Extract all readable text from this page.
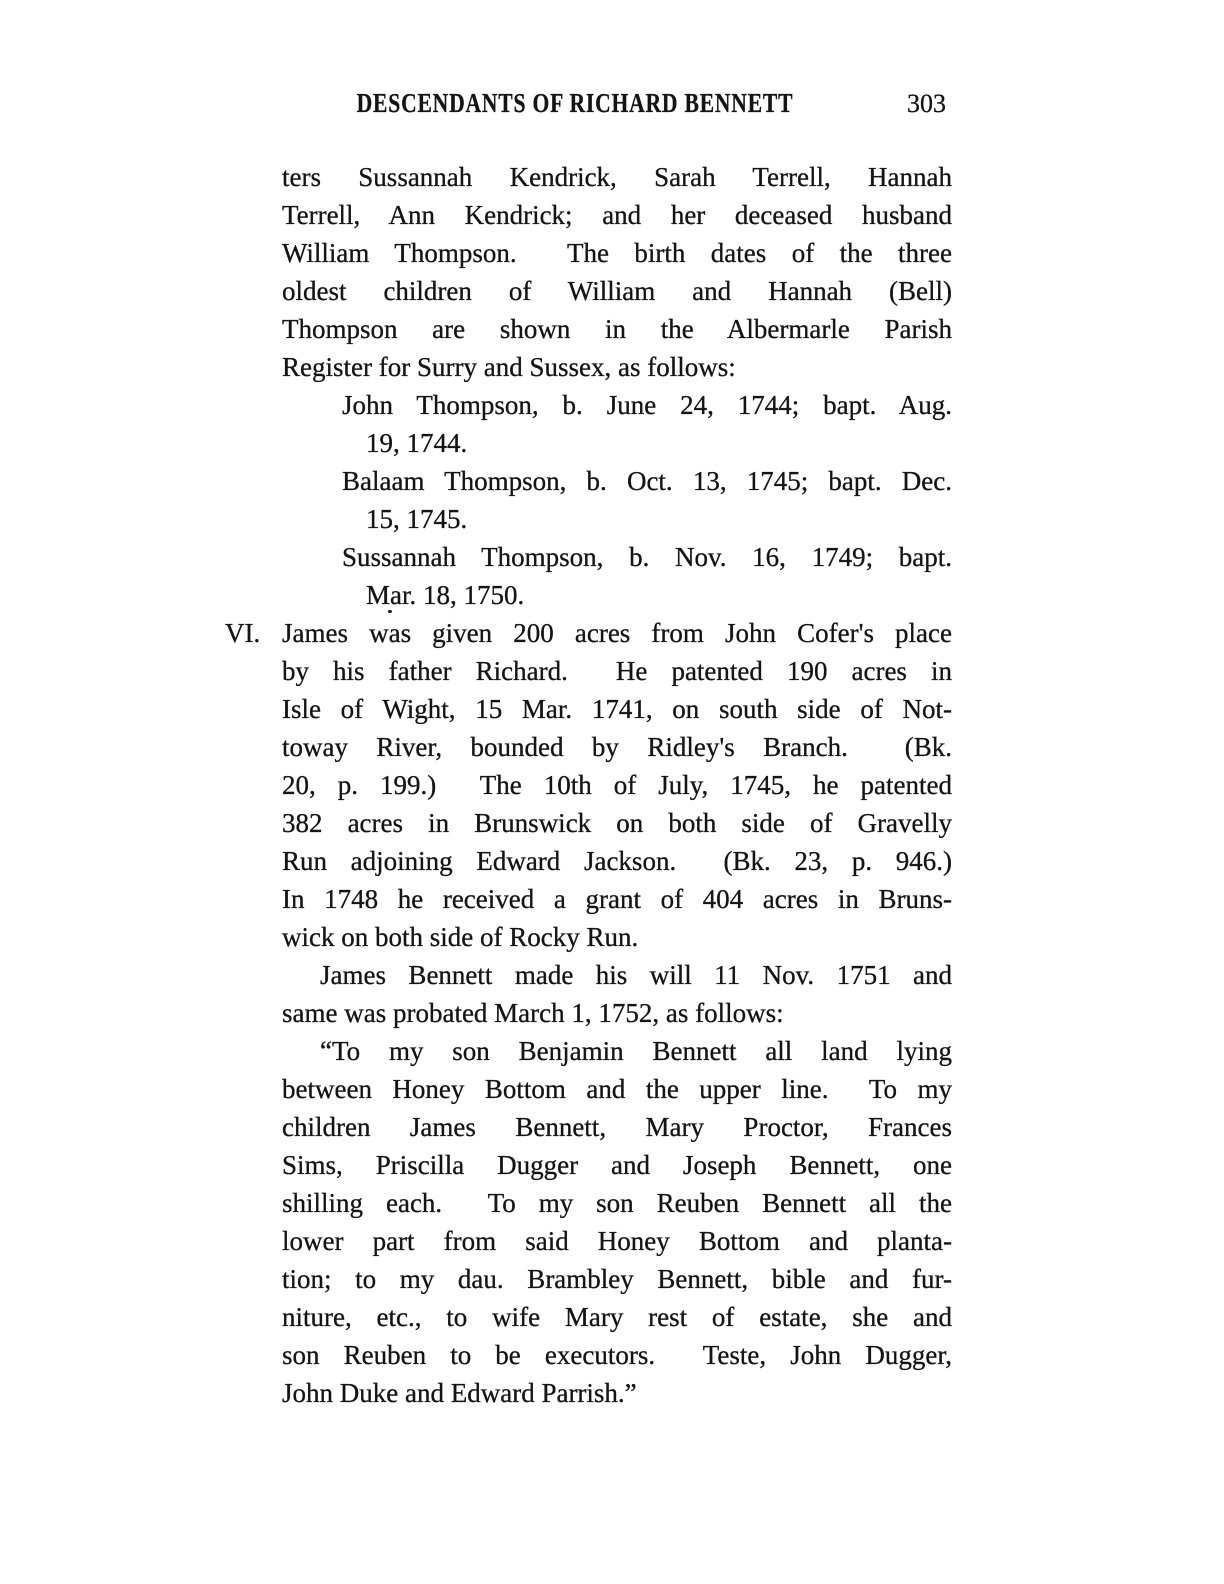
DESCENDANTS OF RICHARD BENNETT	303
ters Sussannah Kendrick, Sarah Terrell, Hannah
Terrell, Ann Kendrick; and her deceased husband
William Thompson.  The birth dates of the three
oldest children of William and Hannah (Bell)
Thompson are shown in the Albermarle Parish
Register for Surry and Sussex, as follows:
John Thompson, b. June 24, 1744; bapt. Aug.
19, 1744.
Balaam Thompson, b. Oct. 13, 1745; bapt. Dec.
15, 1745.
Sussannah Thompson, b. Nov. 16, 1749; bapt.
Mar. 18, 1750.
VI. James was given 200 acres from John Cofer's place
by his father Richard.  He patented 190 acres in
Isle of Wight, 15 Mar. 1741, on south side of Not-
toway River, bounded by Ridley's Branch.  (Bk.
20, p. 199.)  The 10th of July, 1745, he patented
382 acres in Brunswick on both side of Gravelly
Run adjoining Edward Jackson.  (Bk. 23, p. 946.)
In 1748 he received a grant of 404 acres in Bruns-
wick on both side of Rocky Run.
James Bennett made his will 11 Nov. 1751 and
same was probated March 1, 1752, as follows:
“To my son Benjamin Bennett all land lying
between Honey Bottom and the upper line.  To my
children James Bennett, Mary Proctor, Frances
Sims, Priscilla Dugger and Joseph Bennett, one
shilling each.  To my son Reuben Bennett all the
lower part from said Honey Bottom and planta-
tion; to my dau. Brambley Bennett, bible and fur-
niture, etc., to wife Mary rest of estate, she and
son Reuben to be executors.  Teste, John Dugger,
John Duke and Edward Parrish.”
